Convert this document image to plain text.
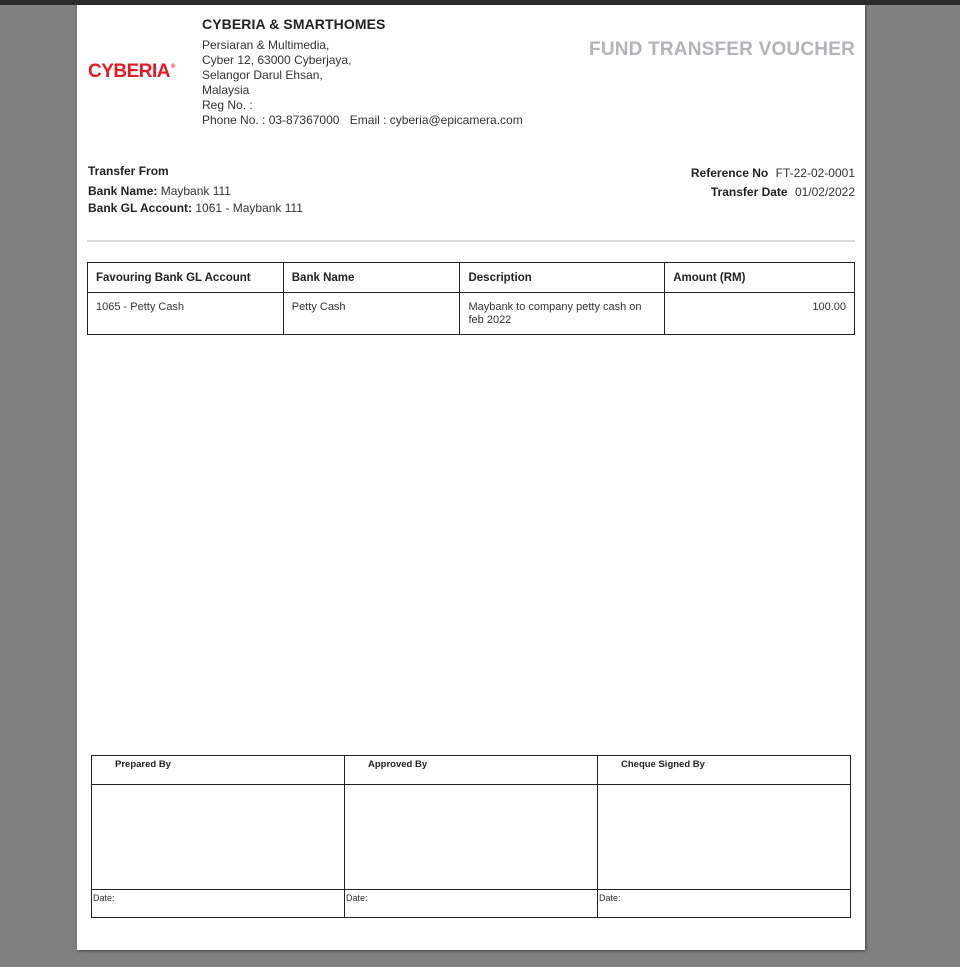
CYBERIA®
CYBERIA & SMARTHOMES
Persiaran & Multimedia,
Cyber 12, 63000 Cyberjaya,
Selangor Darul Ehsan,
Malaysia
Reg No. :
Phone No. : 03-87367000 Email : cyberia@epicamera.com
FUND TRANSFER VOUCHER
Transfer From
Bank Name: Maybank 111
Bank GL Account: 1061 - Maybank 111
Reference No FT-22-02-0001
Transfer Date 01/02/2022
Favouring Bank GL Account	Bank Name	Description	Amount (RM)
1065 - Petty Cash	Petty Cash	Maybank to company petty cash on feb 2022	100.00
Prepared By	Approved By	Cheque Signed By

Date:	Date:	Date:
